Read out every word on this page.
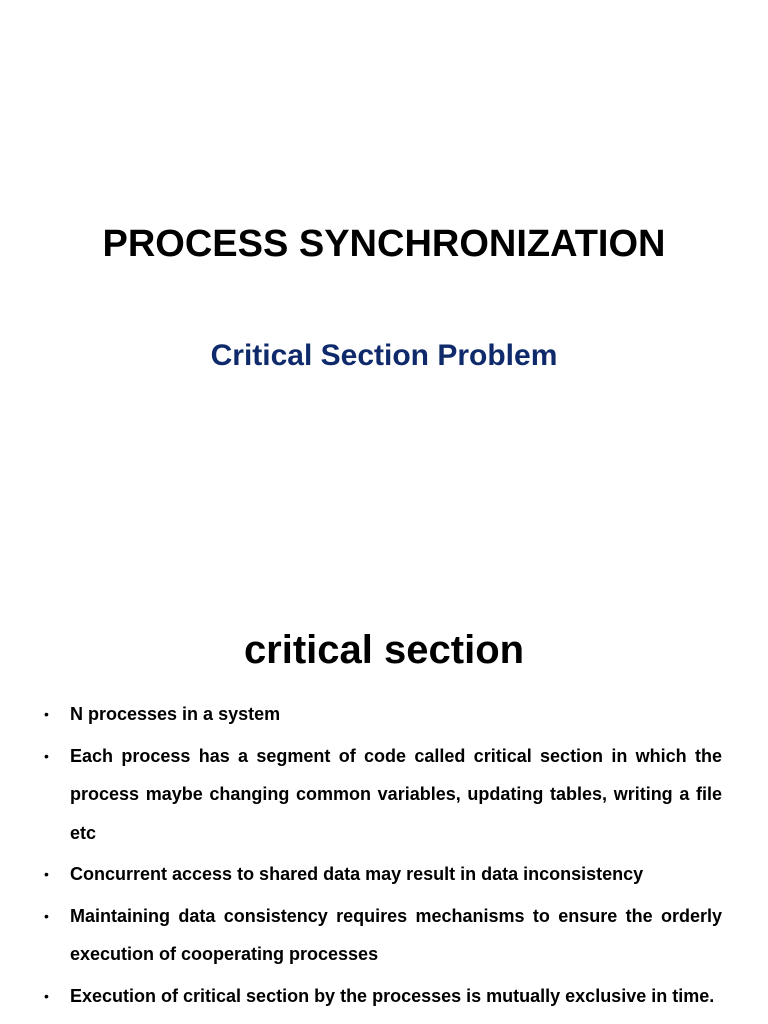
PROCESS SYNCHRONIZATION
Critical Section Problem
critical section
• N processes in a system
• Each process has a segment of code called critical section in which the process maybe changing common variables, updating tables, writing a file etc
• Concurrent access to shared data may result in data inconsistency
• Maintaining data consistency requires mechanisms to ensure the orderly execution of cooperating processes
• Execution of critical section by the processes is mutually exclusive in time.
